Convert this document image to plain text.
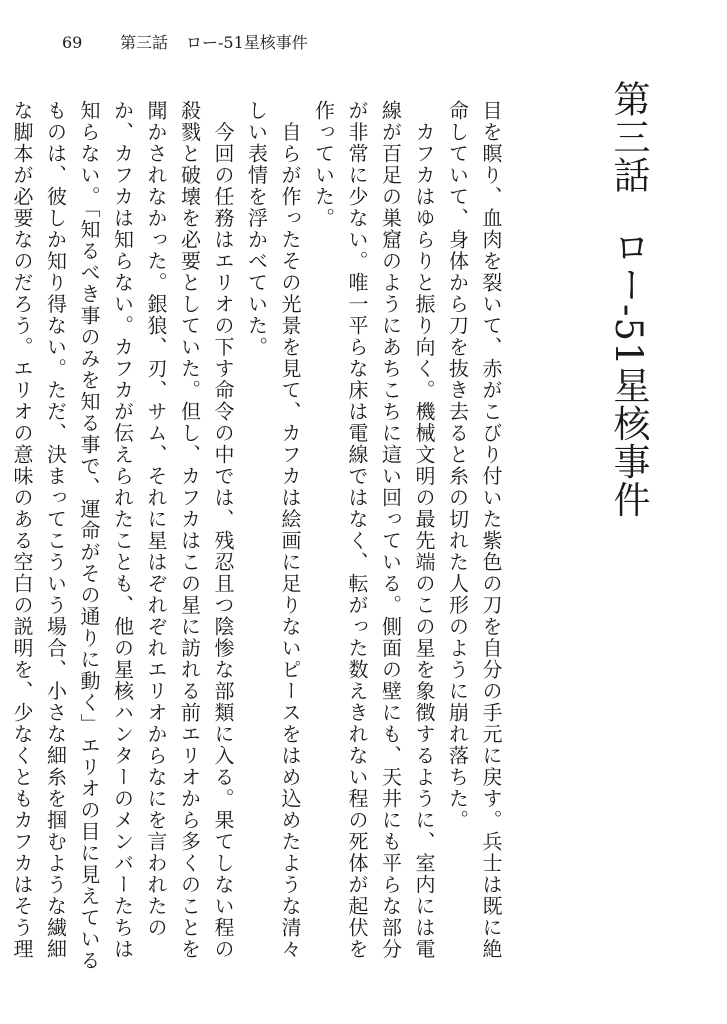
69	第三話 ロー-51星核事件
第三話ロー-51星核事件

目を瞑り、血肉を裂いて、赤がこびり付いた紫色の刀を自分の手元に戻す。兵士は既に絶命していて、身体から刀を抜き去ると糸の切れた人形のように崩れ落ちた。

　カフカはゆらりと振り向く。機械文明の最先端のこの星を象徴するように、室内には電線が百足の巣窟のようにあちこちに這い回っている。側面の壁にも、天井にも平らな部分が非常に少ない。唯一平らな床は電線ではなく、転がった数えきれない程の死体が起伏を作っていた。

　自らが作ったその光景を見て、カフカは絵画に足りないピースをはめ込めたような清々しい表情を浮かべていた。

　今回の任務はエリオの下す命令の中では、残忍且つ陰惨な部類に入る。果てしない程の殺戮と破壊を必要としていた。但し、カフカはこの星に訪れる前エリオから多くのことを聞かされなかった。銀狼、刃、サム、それに星はぞれぞれエリオからなにを言われたのか、カフカは知らない。カフカが伝えられたことも、他の星核ハンターのメンバーたちは知らない。「知るべき事のみを知る事で、運命がその通りに動く」エリオの目に見えているものは、彼しか知り得ない。ただ、決まってこういう場合、小さな細糸を掴むような繊細な脚本が必要なのだろう。エリオの意味のある空白の説明を、少なくともカフカはそう理
